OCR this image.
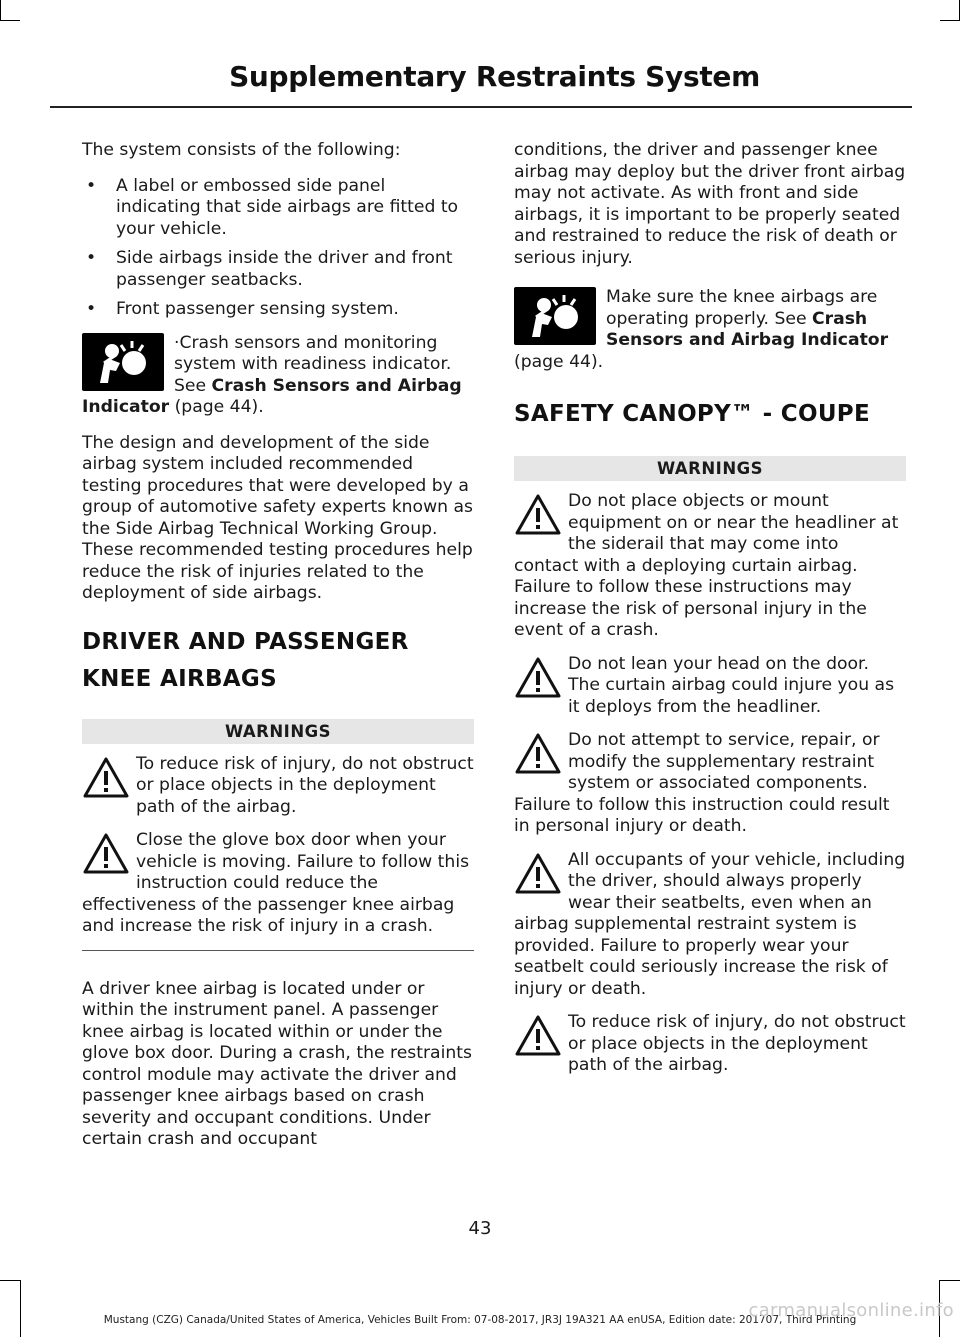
Supplementary Restraints System

The system consists of the following:

• A label or embossed side panel indicating that side airbags are fitted to your vehicle.
• Side airbags inside the driver and front passenger seatbacks.
• Front passenger sensing system.
·Crash sensors and monitoring system with readiness indicator. See Crash Sensors and Airbag Indicator (page 44).

The design and development of the side airbag system included recommended testing procedures that were developed by a group of automotive safety experts known as the Side Airbag Technical Working Group. These recommended testing procedures help reduce the risk of injuries related to the deployment of side airbags.

DRIVER AND PASSENGER
KNEE AIRBAGS
WARNINGS
To reduce risk of injury, do not obstruct or place objects in the deployment path of the airbag.
Close the glove box door when your vehicle is moving. Failure to follow this instruction could reduce the effectiveness of the passenger knee airbag and increase the risk of injury in a crash.

A driver knee airbag is located under or within the instrument panel. A passenger knee airbag is located within or under the glove box door. During a crash, the restraints control module may activate the driver and passenger knee airbags based on crash severity and occupant conditions. Under certain crash and occupant

conditions, the driver and passenger knee airbag may deploy but the driver front airbag may not activate. As with front and side airbags, it is important to be properly seated and restrained to reduce the risk of death or serious injury.

Make sure the knee airbags are operating properly. See Crash Sensors and Airbag Indicator (page 44).
SAFETY CANOPY™ - COUPE
WARNINGS
Do not place objects or mount equipment on or near the headliner at the siderail that may come into contact with a deploying curtain airbag. Failure to follow these instructions may increase the risk of personal injury in the event of a crash.
Do not lean your head on the door. The curtain airbag could injure you as it deploys from the headliner.
Do not attempt to service, repair, or modify the supplementary restraint system or associated components. Failure to follow this instruction could result in personal injury or death.
All occupants of your vehicle, including the driver, should always properly wear their seatbelts, even when an airbag supplemental restraint system is provided. Failure to properly wear your seatbelt could seriously increase the risk of injury or death.
To reduce risk of injury, do not obstruct or place objects in the deployment path of the airbag.
43
Mustang (CZG) Canada/United States of America, Vehicles Built From: 07-08-2017, JR3J 19A321 AA enUSA, Edition date: 201707, Third Printing
carmanualsonline.info
